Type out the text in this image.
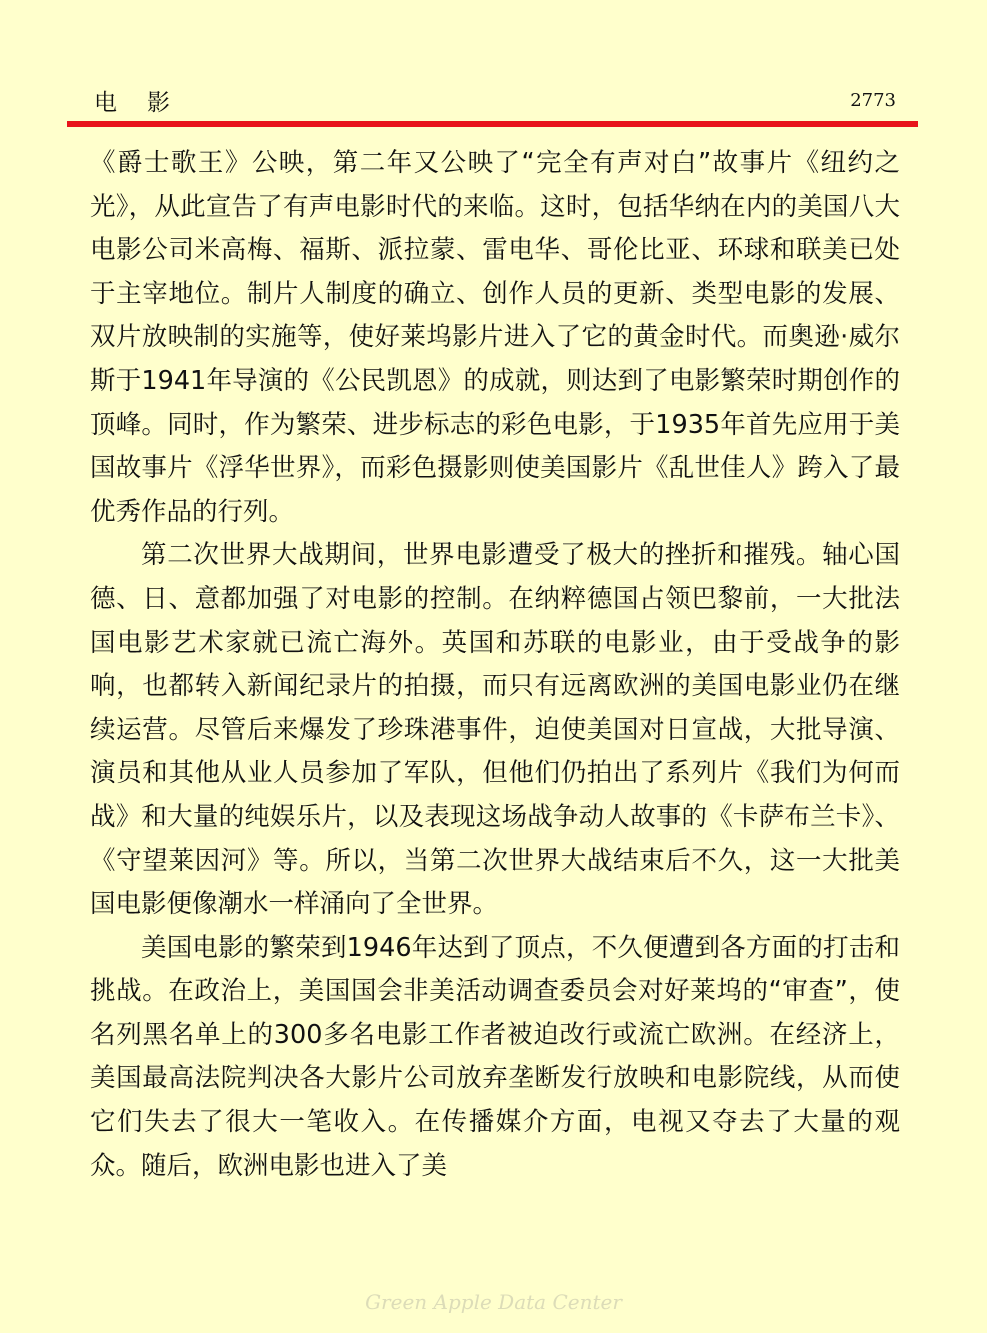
电影	2773

《爵士歌王》公映，第二年又公映了“完全有声对白”故事片《纽约之光》，从此宣告了有声电影时代的来临。这时，包括华纳在内的美国八大电影公司米高梅、福斯、派拉蒙、雷电华、哥伦比亚、环球和联美已处于主宰地位。制片人制度的确立、创作人员的更新、类型电影的发展、双片放映制的实施等，使好莱坞影片进入了它的黄金时代。而奥逊·威尔斯于1941年导演的《公民凯恩》的成就，则达到了电影繁荣时期创作的顶峰。同时，作为繁荣、进步标志的彩色电影，于1935年首先应用于美国故事片《浮华世界》，而彩色摄影则使美国影片《乱世佳人》跨入了最优秀作品的行列。

第二次世界大战期间，世界电影遭受了极大的挫折和摧残。轴心国德、日、意都加强了对电影的控制。在纳粹德国占领巴黎前，一大批法国电影艺术家就已流亡海外。英国和苏联的电影业，由于受战争的影响，也都转入新闻纪录片的拍摄，而只有远离欧洲的美国电影业仍在继续运营。尽管后来爆发了珍珠港事件，迫使美国对日宣战，大批导演、演员和其他从业人员参加了军队，但他们仍拍出了系列片《我们为何而战》和大量的纯娱乐片，以及表现这场战争动人故事的《卡萨布兰卡》、《守望莱因河》等。所以，当第二次世界大战结束后不久，这一大批美国电影便像潮水一样涌向了全世界。

美国电影的繁荣到1946年达到了顶点，不久便遭到各方面的打击和挑战。在政治上，美国国会非美活动调查委员会对好莱坞的“审查”，使名列黑名单上的300多名电影工作者被迫改行或流亡欧洲。在经济上，美国最高法院判决各大影片公司放弃垄断发行放映和电影院线，从而使它们失去了很大一笔收入。在传播媒介方面，电视又夺去了大量的观众。随后，欧洲电影也进入了美

Green Apple Data Center
